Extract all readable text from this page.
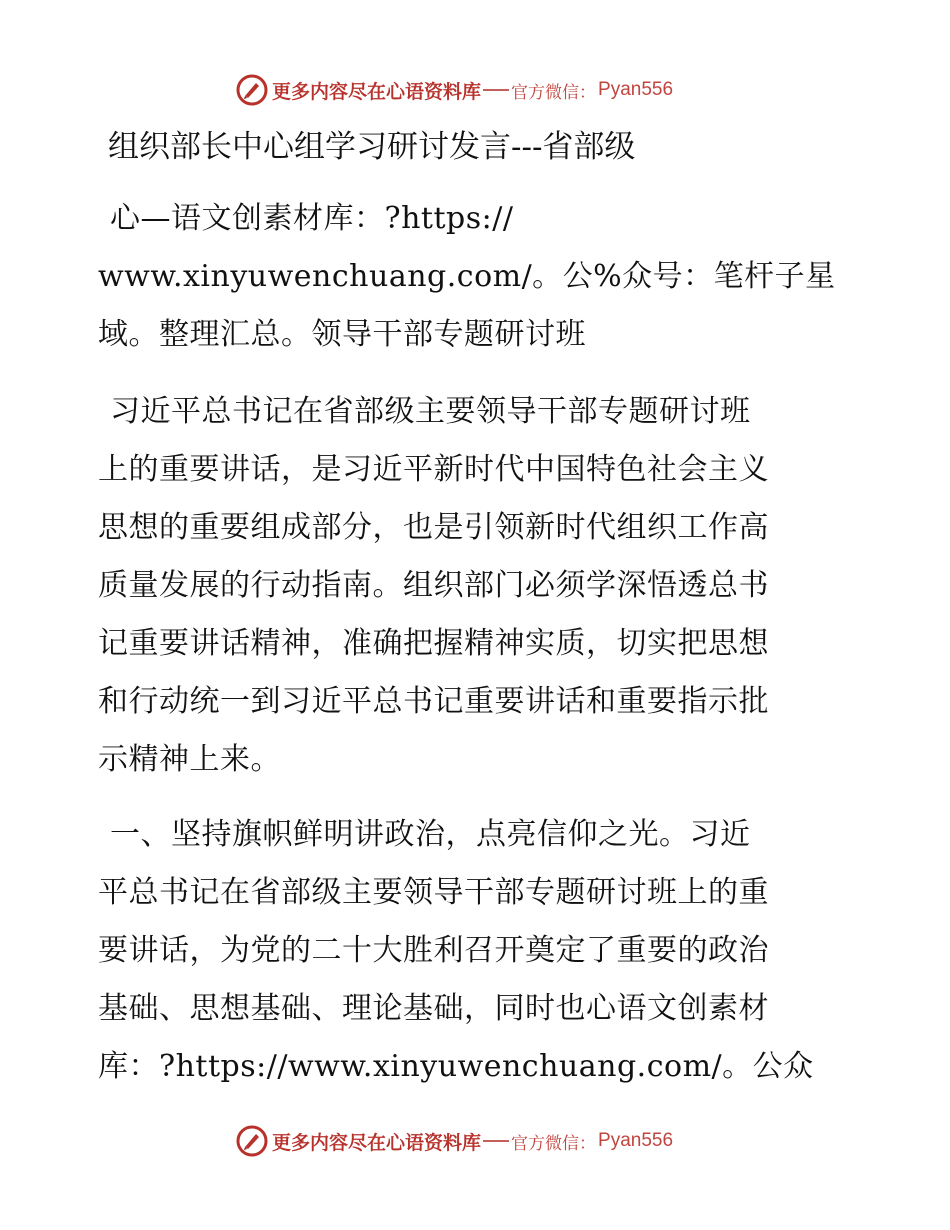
更多内容尽在心语资料库 官方微信： Pyan556
组织部长中心组学习研讨发言---省部级
心—语文创素材库：?https://
www.xinyuwenchuang.com/。公%众号：笔杆子星
域。整理汇总。领导干部专题研讨班
习近平总书记在省部级主要领导干部专题研讨班
上的重要讲话，是习近平新时代中国特色社会主义
思想的重要组成部分，也是引领新时代组织工作高
质量发展的行动指南。组织部门必须学深悟透总书
记重要讲话精神，准确把握精神实质，切实把思想
和行动统一到习近平总书记重要讲话和重要指示批
示精神上来。
一、坚持旗帜鲜明讲政治，点亮信仰之光。习近
平总书记在省部级主要领导干部专题研讨班上的重
要讲话，为党的二十大胜利召开奠定了重要的政治
基础、思想基础、理论基础，同时也心语文创素材
库：?https://www.xinyuwenchuang.com/。公众
更多内容尽在心语资料库 官方微信： Pyan556
